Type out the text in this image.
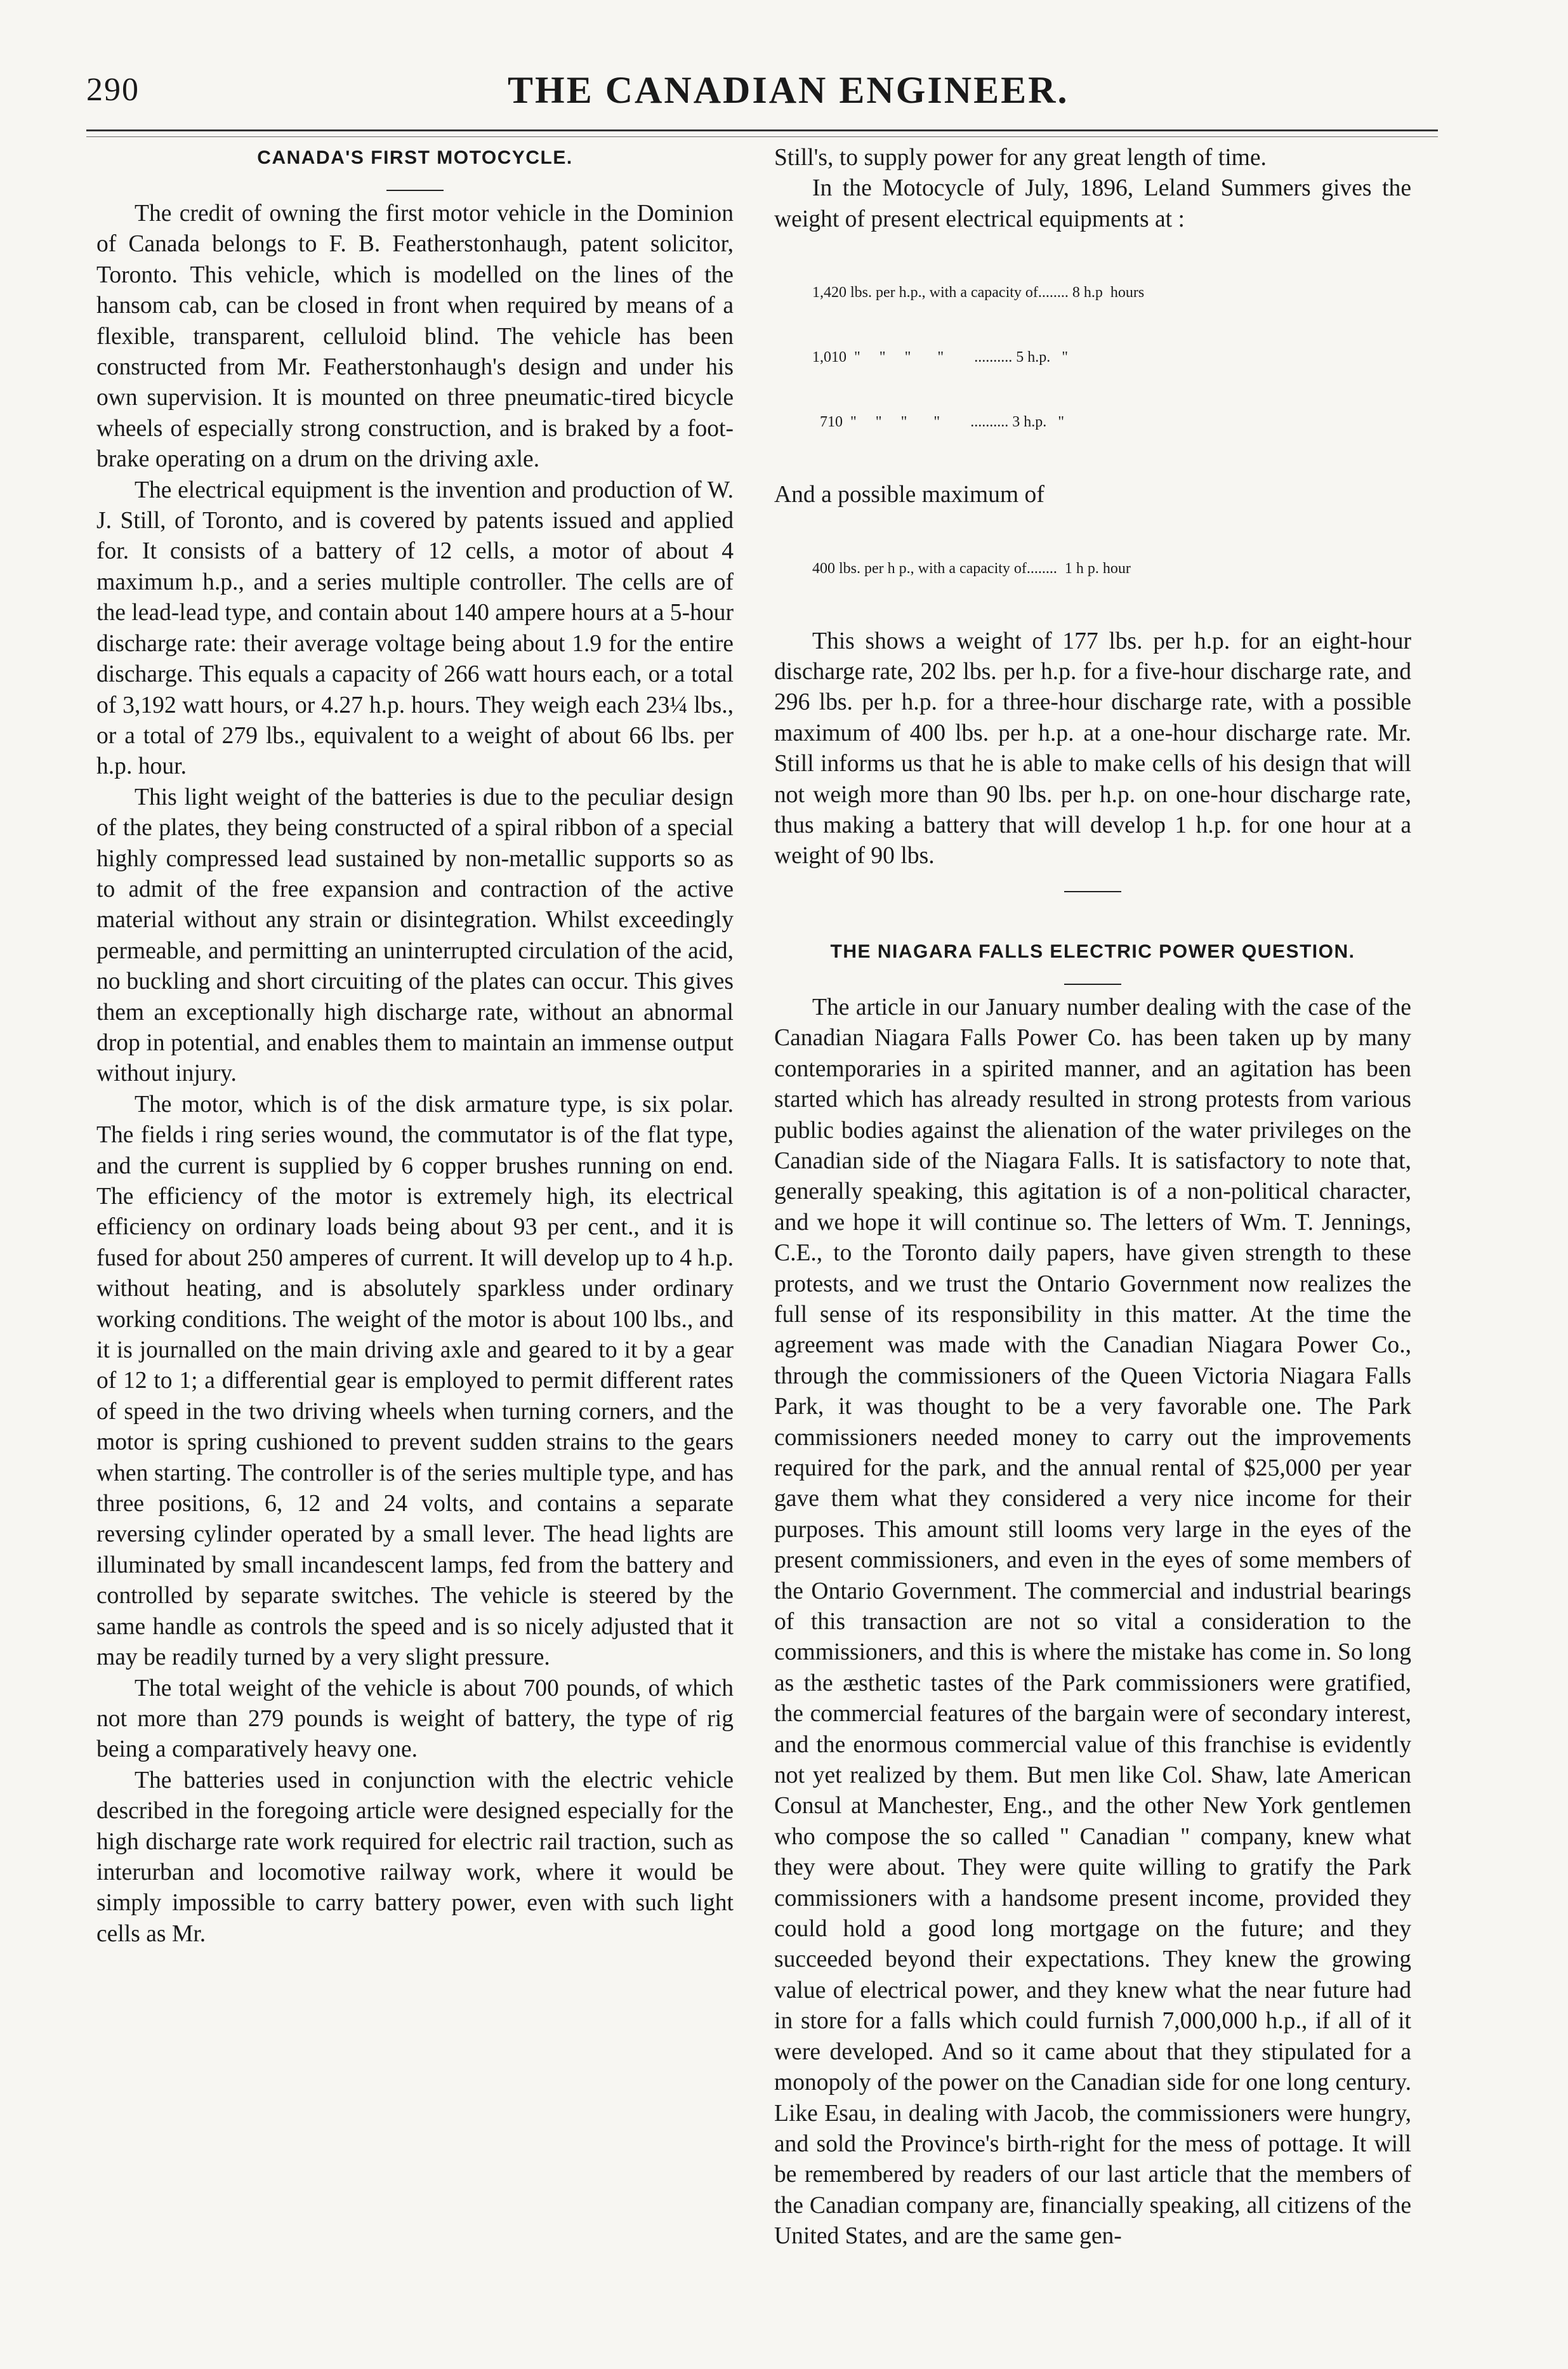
290	THE CANADIAN ENGINEER.
CANADA'S FIRST MOTOCYCLE.

The credit of owning the first motor vehicle in the Dominion of Canada belongs to F. B. Featherstonhaugh, patent solicitor, Toronto. This vehicle, which is modelled on the lines of the hansom cab, can be closed in front when required by means of a flexible, transparent, celluloid blind. The vehicle has been constructed from Mr. Featherstonhaugh's design and under his own supervision. It is mounted on three pneumatic-tired bicycle wheels of especially strong construction, and is braked by a foot-brake operating on a drum on the driving axle.

The electrical equipment is the invention and production of W. J. Still, of Toronto, and is covered by patents issued and applied for. It consists of a battery of 12 cells, a motor of about 4 maximum h.p., and a series multiple controller. The cells are of the lead-lead type, and contain about 140 ampere hours at a 5-hour discharge rate: their average voltage being about 1.9 for the entire discharge. This equals a capacity of 266 watt hours each, or a total of 3,192 watt hours, or 4.27 h.p. hours. They weigh each 23¼ lbs., or a total of 279 lbs., equivalent to a weight of about 66 lbs. per h.p. hour.

This light weight of the batteries is due to the peculiar design of the plates, they being constructed of a spiral ribbon of a special highly compressed lead sustained by non-metallic supports so as to admit of the free expansion and contraction of the active material without any strain or disintegration. Whilst exceedingly permeable, and permitting an uninterrupted circulation of the acid, no buckling and short circuiting of the plates can occur. This gives them an exceptionally high discharge rate, without an abnormal drop in potential, and enables them to maintain an immense output without injury.

The motor, which is of the disk armature type, is six polar. The fields i ring series wound, the commutator is of the flat type, and the current is supplied by 6 copper brushes running on end. The efficiency of the motor is extremely high, its electrical efficiency on ordinary loads being about 93 per cent., and it is fused for about 250 amperes of current. It will develop up to 4 h.p. without heating, and is absolutely sparkless under ordinary working conditions. The weight of the motor is about 100 lbs., and it is journalled on the main driving axle and geared to it by a gear of 12 to 1; a differential gear is employed to permit different rates of speed in the two driving wheels when turning corners, and the motor is spring cushioned to prevent sudden strains to the gears when starting. The controller is of the series multiple type, and has three positions, 6, 12 and 24 volts, and contains a separate reversing cylinder operated by a small lever. The head lights are illuminated by small incandescent lamps, fed from the battery and controlled by separate switches. The vehicle is steered by the same handle as controls the speed and is so nicely adjusted that it may be readily turned by a very slight pressure.

The total weight of the vehicle is about 700 pounds, of which not more than 279 pounds is weight of battery, the type of rig being a comparatively heavy one.

The batteries used in conjunction with the electric vehicle described in the foregoing article were designed especially for the high discharge rate work required for electric rail traction, such as interurban and locomotive railway work, where it would be simply impossible to carry battery power, even with such light cells as Mr.

Still's, to supply power for any great length of time.

In the Motocycle of July, 1896, Leland Summers gives the weight of present electrical equipments at :

1,420 lbs. per h.p., with a capacity of........ 8 h.p  hours

1,010  "     "     "       "        .......... 5 h.p.   "

710  "     "     "       "        .......... 3 h.p.   "

And a possible maximum of

400 lbs. per h p., with a capacity of........  1 h p. hour

This shows a weight of 177 lbs. per h.p. for an eight-hour discharge rate, 202 lbs. per h.p. for a five-hour discharge rate, and 296 lbs. per h.p. for a three-hour discharge rate, with a possible maximum of 400 lbs. per h.p. at a one-hour discharge rate. Mr. Still informs us that he is able to make cells of his design that will not weigh more than 90 lbs. per h.p. on one-hour discharge rate, thus making a battery that will develop 1 h.p. for one hour at a weight of 90 lbs.

THE NIAGARA FALLS ELECTRIC POWER QUESTION.

The article in our January number dealing with the case of the Canadian Niagara Falls Power Co. has been taken up by many contemporaries in a spirited manner, and an agitation has been started which has already resulted in strong protests from various public bodies against the alienation of the water privileges on the Canadian side of the Niagara Falls. It is satisfactory to note that, generally speaking, this agitation is of a non-political character, and we hope it will continue so. The letters of Wm. T. Jennings, C.E., to the Toronto daily papers, have given strength to these protests, and we trust the Ontario Government now realizes the full sense of its responsibility in this matter. At the time the agreement was made with the Canadian Niagara Power Co., through the commissioners of the Queen Victoria Niagara Falls Park, it was thought to be a very favorable one. The Park commissioners needed money to carry out the improvements required for the park, and the annual rental of $25,000 per year gave them what they considered a very nice income for their purposes. This amount still looms very large in the eyes of the present commissioners, and even in the eyes of some members of the Ontario Government. The commercial and industrial bearings of this transaction are not so vital a consideration to the commissioners, and this is where the mistake has come in. So long as the æsthetic tastes of the Park commissioners were gratified, the commercial features of the bargain were of secondary interest, and the enormous commercial value of this franchise is evidently not yet realized by them. But men like Col. Shaw, late American Consul at Manchester, Eng., and the other New York gentlemen who compose the so called " Canadian " company, knew what they were about. They were quite willing to gratify the Park commissioners with a handsome present income, provided they could hold a good long mortgage on the future; and they succeeded beyond their expectations. They knew the growing value of electrical power, and they knew what the near future had in store for a falls which could furnish 7,000,000 h.p., if all of it were developed. And so it came about that they stipulated for a monopoly of the power on the Canadian side for one long century. Like Esau, in dealing with Jacob, the commissioners were hungry, and sold the Province's birth-right for the mess of pottage. It will be remembered by readers of our last article that the members of the Canadian company are, financially speaking, all citizens of the United States, and are the same gen-
